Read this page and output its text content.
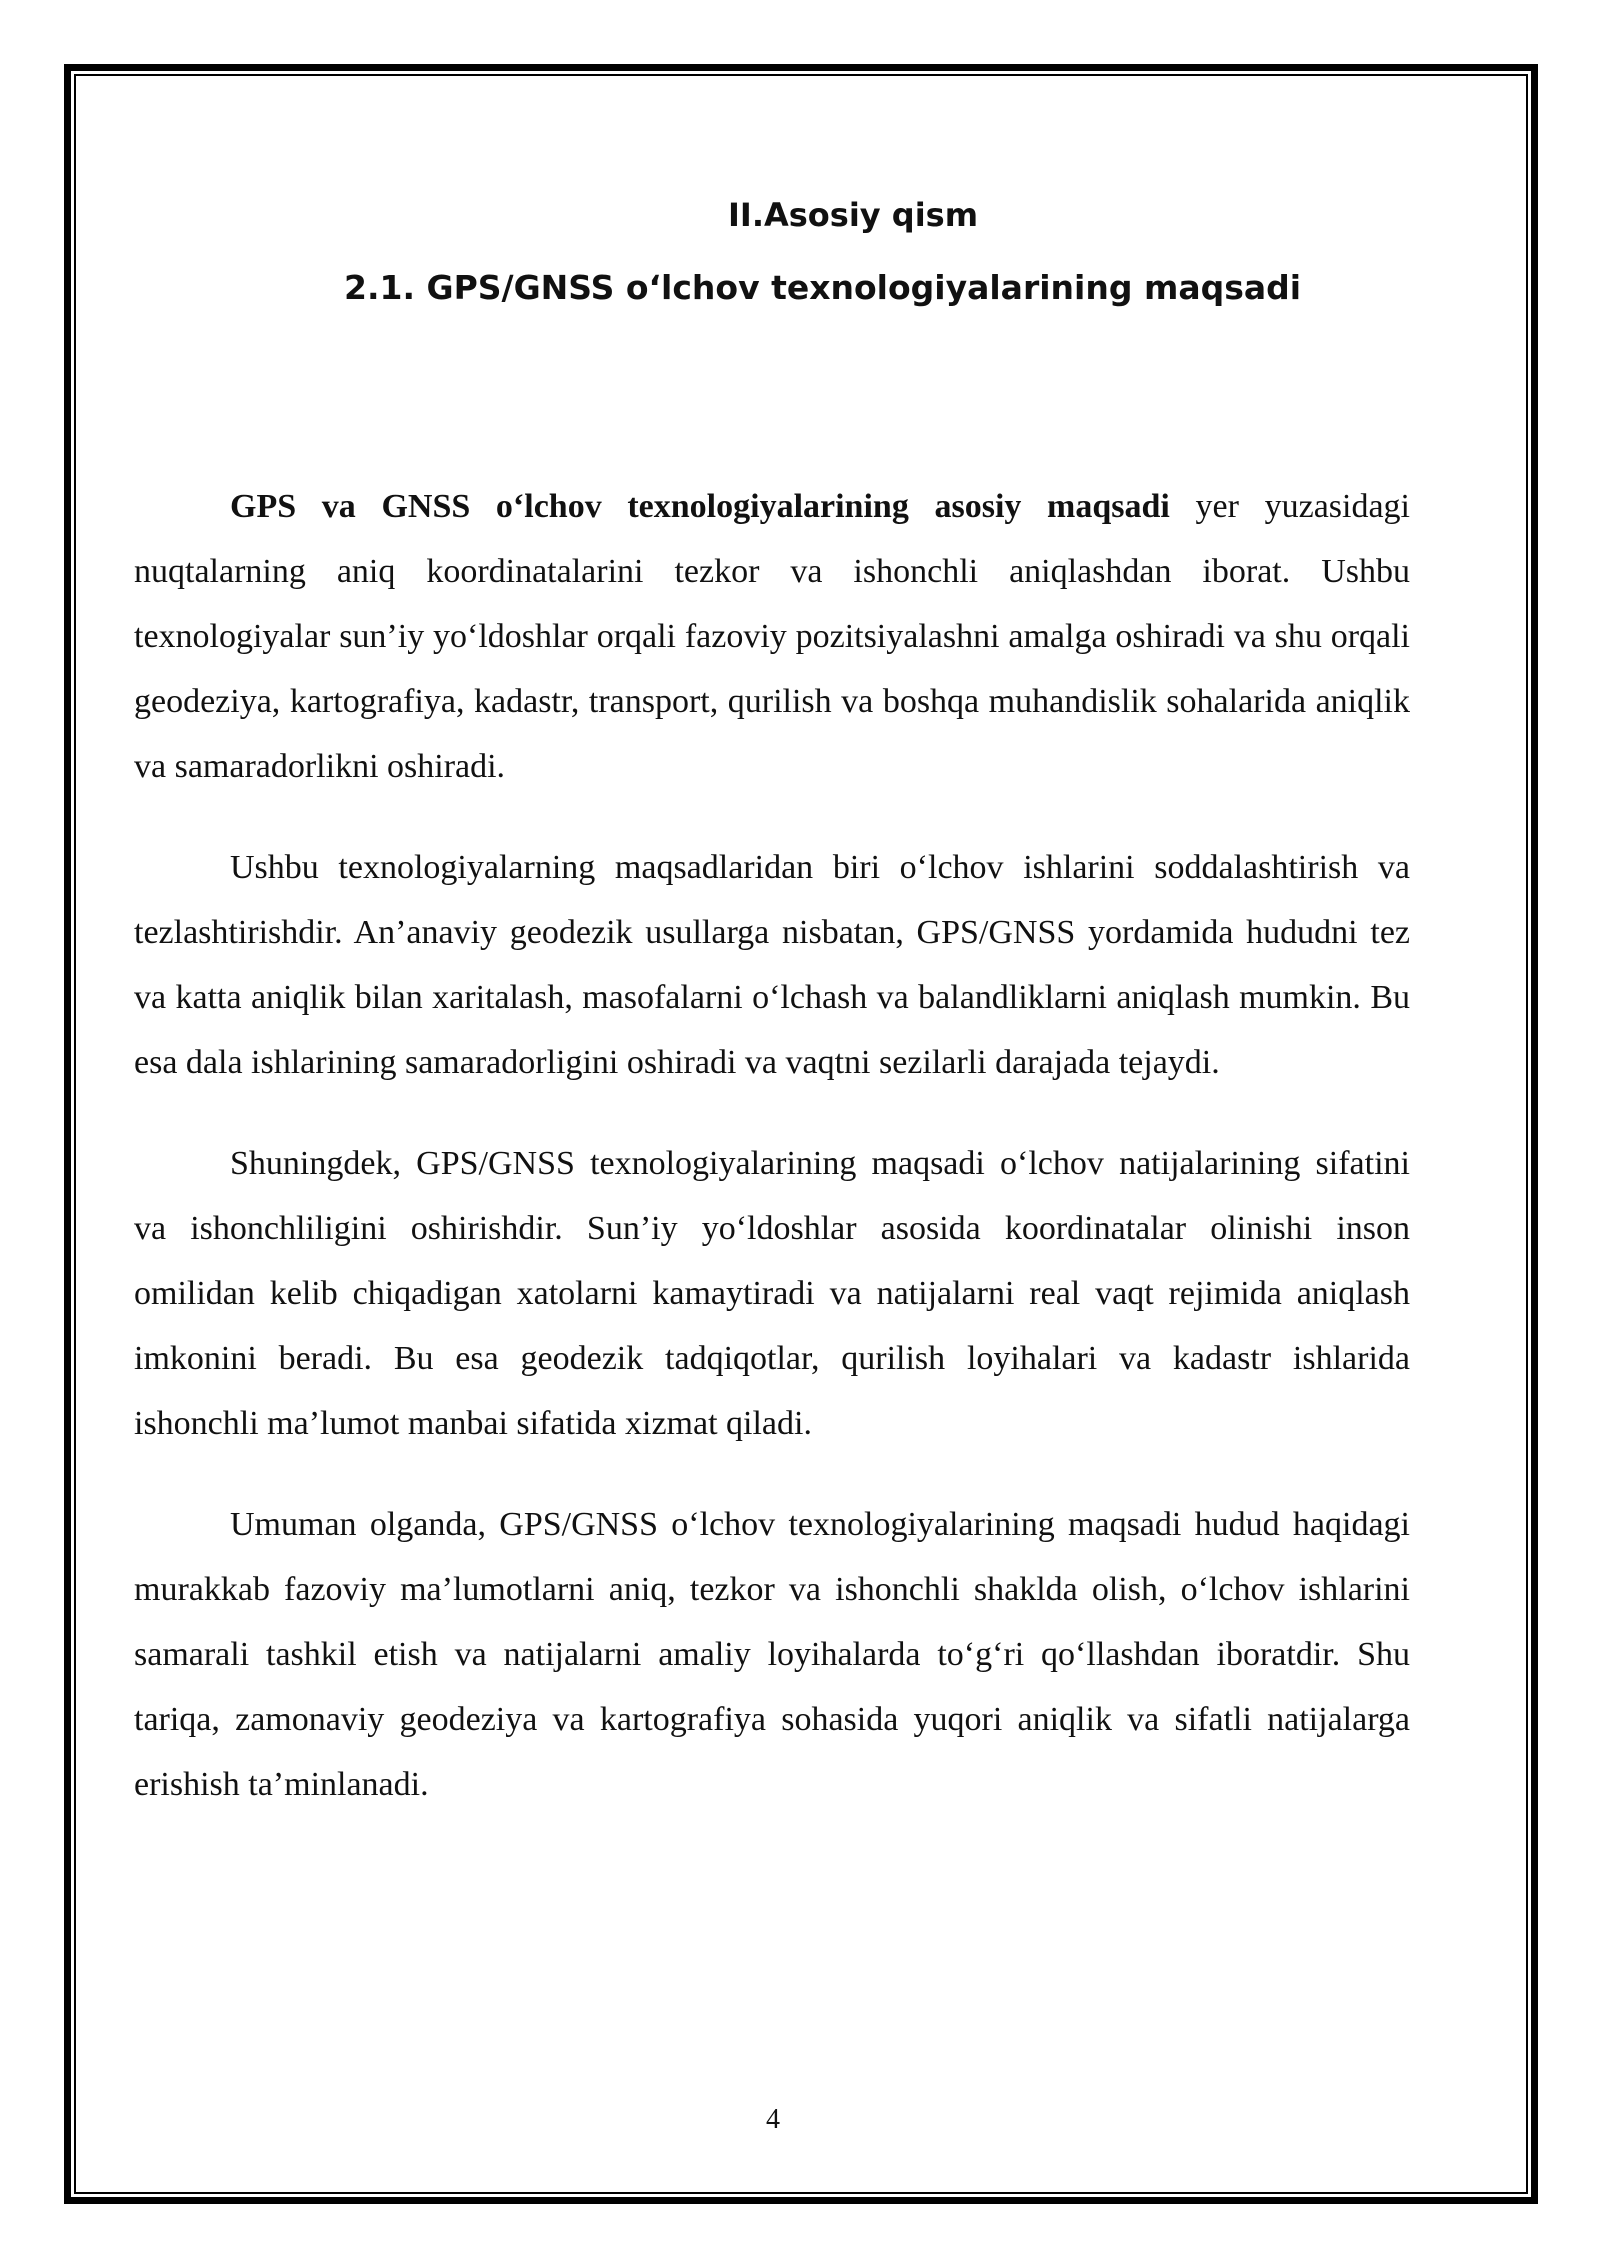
II.Asosiy qism
2.1. GPS/GNSS o‘lchov texnologiyalarining maqsadi

GPS va GNSS o‘lchov texnologiyalarining asosiy maqsadi yer yuzasidagi nuqtalarning aniq koordinatalarini tezkor va ishonchli aniqlashdan iborat. Ushbu texnologiyalar sun’iy yo‘ldoshlar orqali fazoviy pozitsiyalashni amalga oshiradi va shu orqali geodeziya, kartografiya, kadastr, transport, qurilish va boshqa muhandislik sohalarida aniqlik va samaradorlikni oshiradi.

Ushbu texnologiyalarning maqsadlaridan biri o‘lchov ishlarini soddalashtirish va tezlashtirishdir. An’anaviy geodezik usullarga nisbatan, GPS/GNSS yordamida hududni tez va katta aniqlik bilan xaritalash, masofalarni o‘lchash va balandliklarni aniqlash mumkin. Bu esa dala ishlarining samaradorligini oshiradi va vaqtni sezilarli darajada tejaydi.

Shuningdek, GPS/GNSS texnologiyalarining maqsadi o‘lchov natijalarining sifatini va ishonchliligini oshirishdir. Sun’iy yo‘ldoshlar asosida koordinatalar olinishi inson omilidan kelib chiqadigan xatolarni kamaytiradi va natijalarni real vaqt rejimida aniqlash imkonini beradi. Bu esa geodezik tadqiqotlar, qurilish loyihalari va kadastr ishlarida ishonchli ma’lumot manbai sifatida xizmat qiladi.

Umuman olganda, GPS/GNSS o‘lchov texnologiyalarining maqsadi hudud haqidagi murakkab fazoviy ma’lumotlarni aniq, tezkor va ishonchli shaklda olish, o‘lchov ishlarini samarali tashkil etish va natijalarni amaliy loyihalarda to‘g‘ri qo‘llashdan iboratdir. Shu tariqa, zamonaviy geodeziya va kartografiya sohasida yuqori aniqlik va sifatli natijalarga erishish ta’minlanadi.

4
